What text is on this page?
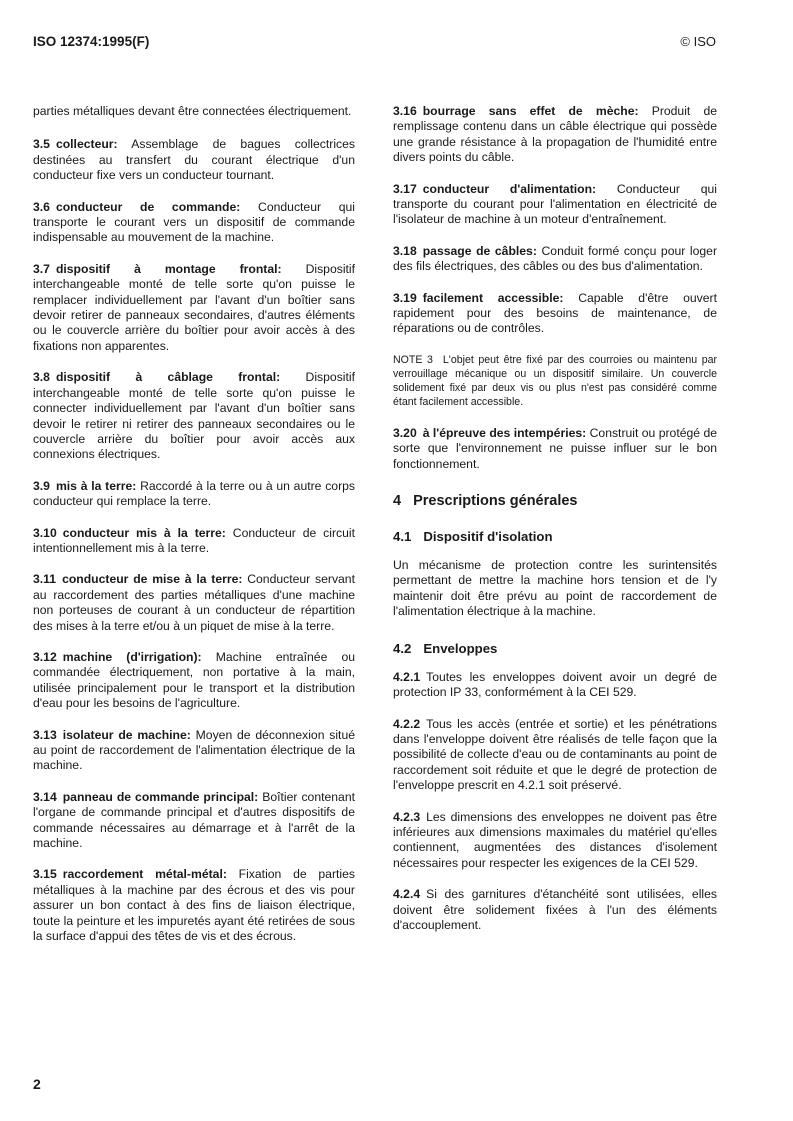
ISO 12374:1995(F)	© ISO

parties métalliques devant être connectées électriquement.

3.5 collecteur: Assemblage de bagues collectrices destinées au transfert du courant électrique d'un conducteur fixe vers un conducteur tournant.

3.6 conducteur de commande: Conducteur qui transporte le courant vers un dispositif de commande indispensable au mouvement de la machine.

3.7 dispositif à montage frontal: Dispositif interchangeable monté de telle sorte qu'on puisse le remplacer individuellement par l'avant d'un boîtier sans devoir retirer de panneaux secondaires, d'autres éléments ou le couvercle arrière du boîtier pour avoir accès à des fixations non apparentes.

3.8 dispositif à câblage frontal: Dispositif interchangeable monté de telle sorte qu'on puisse le connecter individuellement par l'avant d'un boîtier sans devoir le retirer ni retirer des panneaux secondaires ou le couvercle arrière du boîtier pour avoir accès aux connexions électriques.

3.9 mis à la terre: Raccordé à la terre ou à un autre corps conducteur qui remplace la terre.

3.10 conducteur mis à la terre: Conducteur de circuit intentionnellement mis à la terre.

3.11 conducteur de mise à la terre: Conducteur servant au raccordement des parties métalliques d'une machine non porteuses de courant à un conducteur de répartition des mises à la terre et/ou à un piquet de mise à la terre.

3.12 machine (d'irrigation): Machine entraînée ou commandée électriquement, non portative à la main, utilisée principalement pour le transport et la distribution d'eau pour les besoins de l'agriculture.

3.13 isolateur de machine: Moyen de déconnexion situé au point de raccordement de l'alimentation électrique de la machine.

3.14 panneau de commande principal: Boîtier contenant l'organe de commande principal et d'autres dispositifs de commande nécessaires au démarrage et à l'arrêt de la machine.

3.15 raccordement métal-métal: Fixation de parties métalliques à la machine par des écrous et des vis pour assurer un bon contact à des fins de liaison électrique, toute la peinture et les impuretés ayant été retirées de sous la surface d'appui des têtes de vis et des écrous.

3.16 bourrage sans effet de mèche: Produit de remplissage contenu dans un câble électrique qui possède une grande résistance à la propagation de l'humidité entre divers points du câble.

3.17 conducteur d'alimentation: Conducteur qui transporte du courant pour l'alimentation en électricité de l'isolateur de machine à un moteur d'entraînement.

3.18 passage de câbles: Conduit formé conçu pour loger des fils électriques, des câbles ou des bus d'alimentation.

3.19 facilement accessible: Capable d'être ouvert rapidement pour des besoins de maintenance, de réparations ou de contrôles.

NOTE 3 L'objet peut être fixé par des courroies ou maintenu par verrouillage mécanique ou un dispositif similaire. Un couvercle solidement fixé par deux vis ou plus n'est pas considéré comme étant facilement accessible.

3.20 à l'épreuve des intempéries: Construit ou protégé de sorte que l'environnement ne puisse influer sur le bon fonctionnement.

4 Prescriptions générales
4.1 Dispositif d'isolation

Un mécanisme de protection contre les surintensités permettant de mettre la machine hors tension et de l'y maintenir doit être prévu au point de raccordement de l'alimentation électrique à la machine.

4.2 Enveloppes

4.2.1 Toutes les enveloppes doivent avoir un degré de protection IP 33, conformément à la CEI 529.

4.2.2 Tous les accès (entrée et sortie) et les pénétrations dans l'enveloppe doivent être réalisés de telle façon que la possibilité de collecte d'eau ou de contaminants au point de raccordement soit réduite et que le degré de protection de l'enveloppe prescrit en 4.2.1 soit préservé.

4.2.3 Les dimensions des enveloppes ne doivent pas être inférieures aux dimensions maximales du matériel qu'elles contiennent, augmentées des distances d'isolement nécessaires pour respecter les exigences de la CEI 529.

4.2.4 Si des garnitures d'étanchéité sont utilisées, elles doivent être solidement fixées à l'un des éléments d'accouplement.

2
